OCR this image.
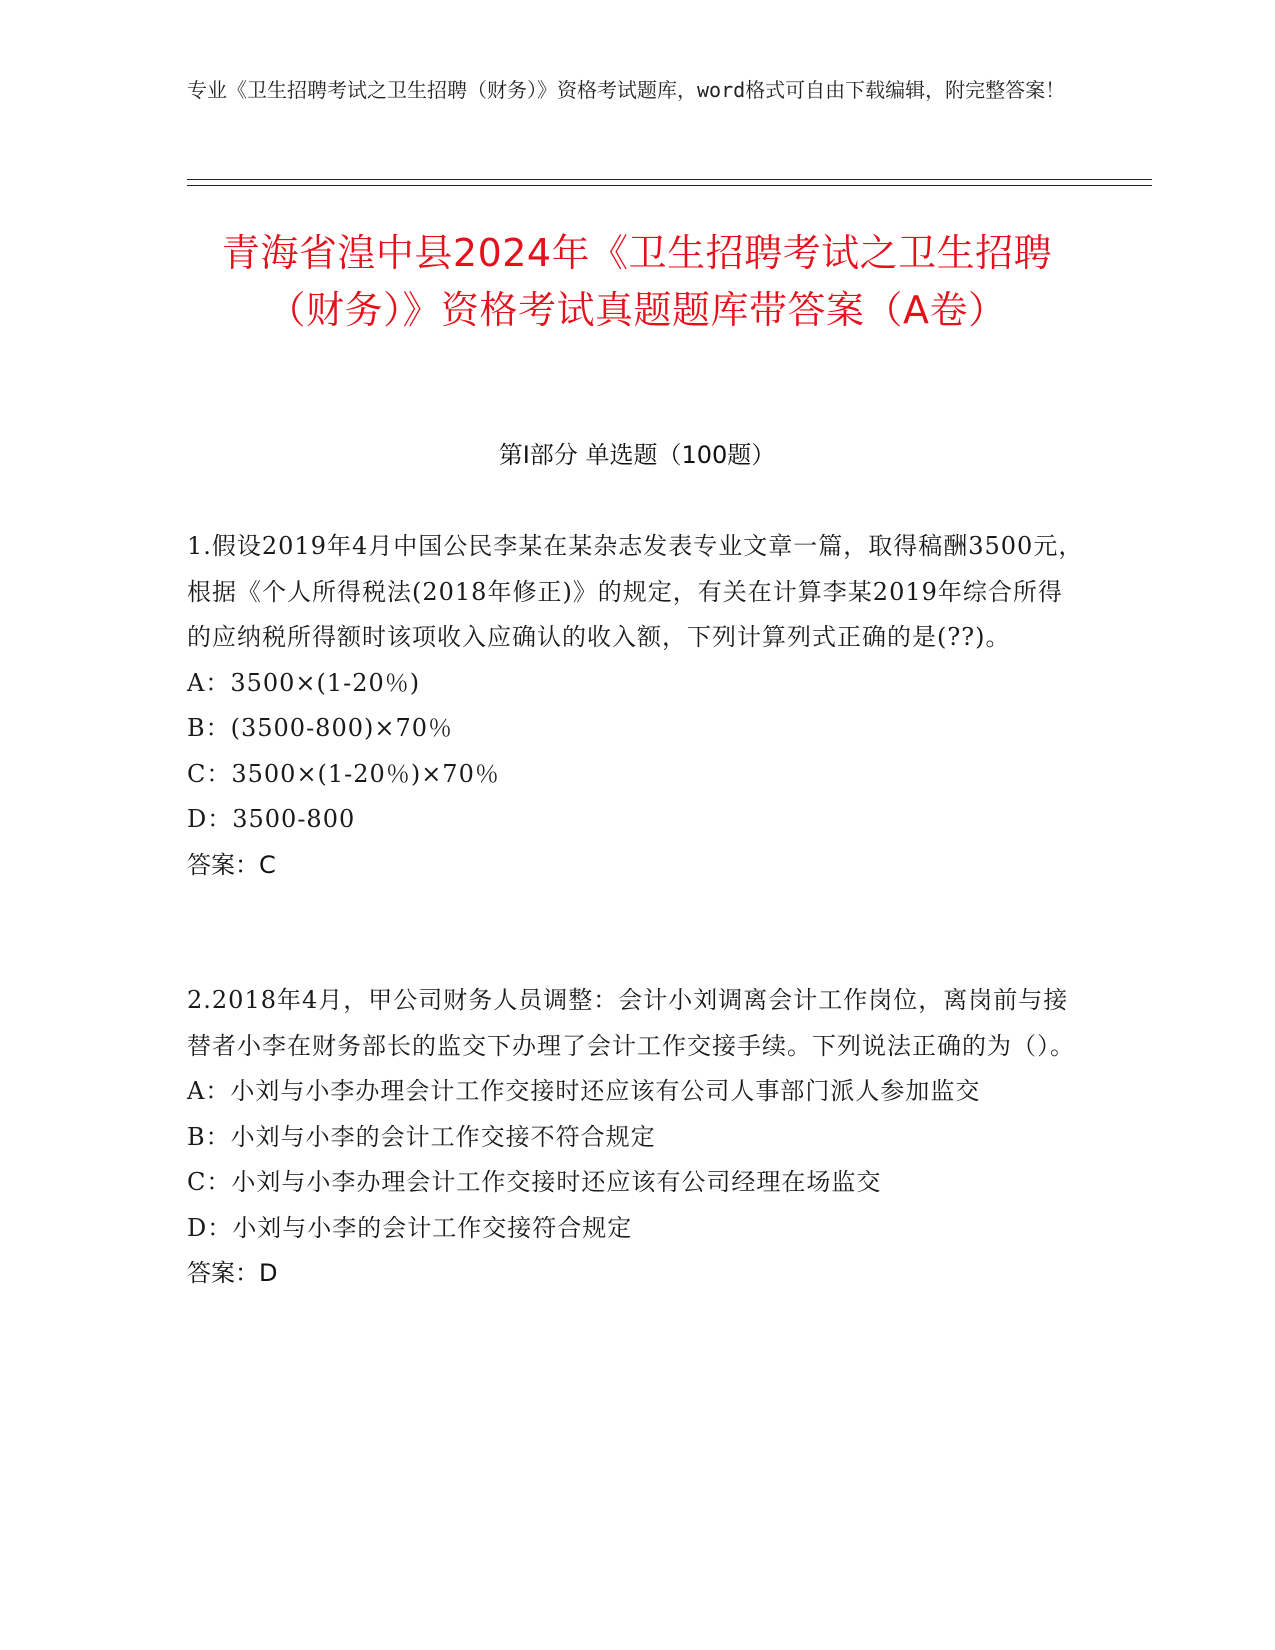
专业《卫生招聘考试之卫生招聘（财务）》资格考试题库，word格式可自由下载编辑，附完整答案！
青海省湟中县2024年《卫生招聘考试之卫生招聘（财务）》资格考试真题题库带答案（A卷）
第Ⅰ部分 单选题（100题）
1.假设2019年4月中国公民李某在某杂志发表专业文章一篇，取得稿酬3500元，根据《个人所得税法(2018年修正)》的规定，有关在计算李某2019年综合所得的应纳税所得额时该项收入应确认的收入额，下列计算列式正确的是(??)。
A：3500×(1-20％)
B：(3500-800)×70％
C：3500×(1-20％)×70％
D：3500-800
答案：C
2.2018年4月，甲公司财务人员调整：会计小刘调离会计工作岗位，离岗前与接替者小李在财务部长的监交下办理了会计工作交接手续。下列说法正确的为（）。
A：小刘与小李办理会计工作交接时还应该有公司人事部门派人参加监交
B：小刘与小李的会计工作交接不符合规定
C：小刘与小李办理会计工作交接时还应该有公司经理在场监交
D：小刘与小李的会计工作交接符合规定
答案：D
